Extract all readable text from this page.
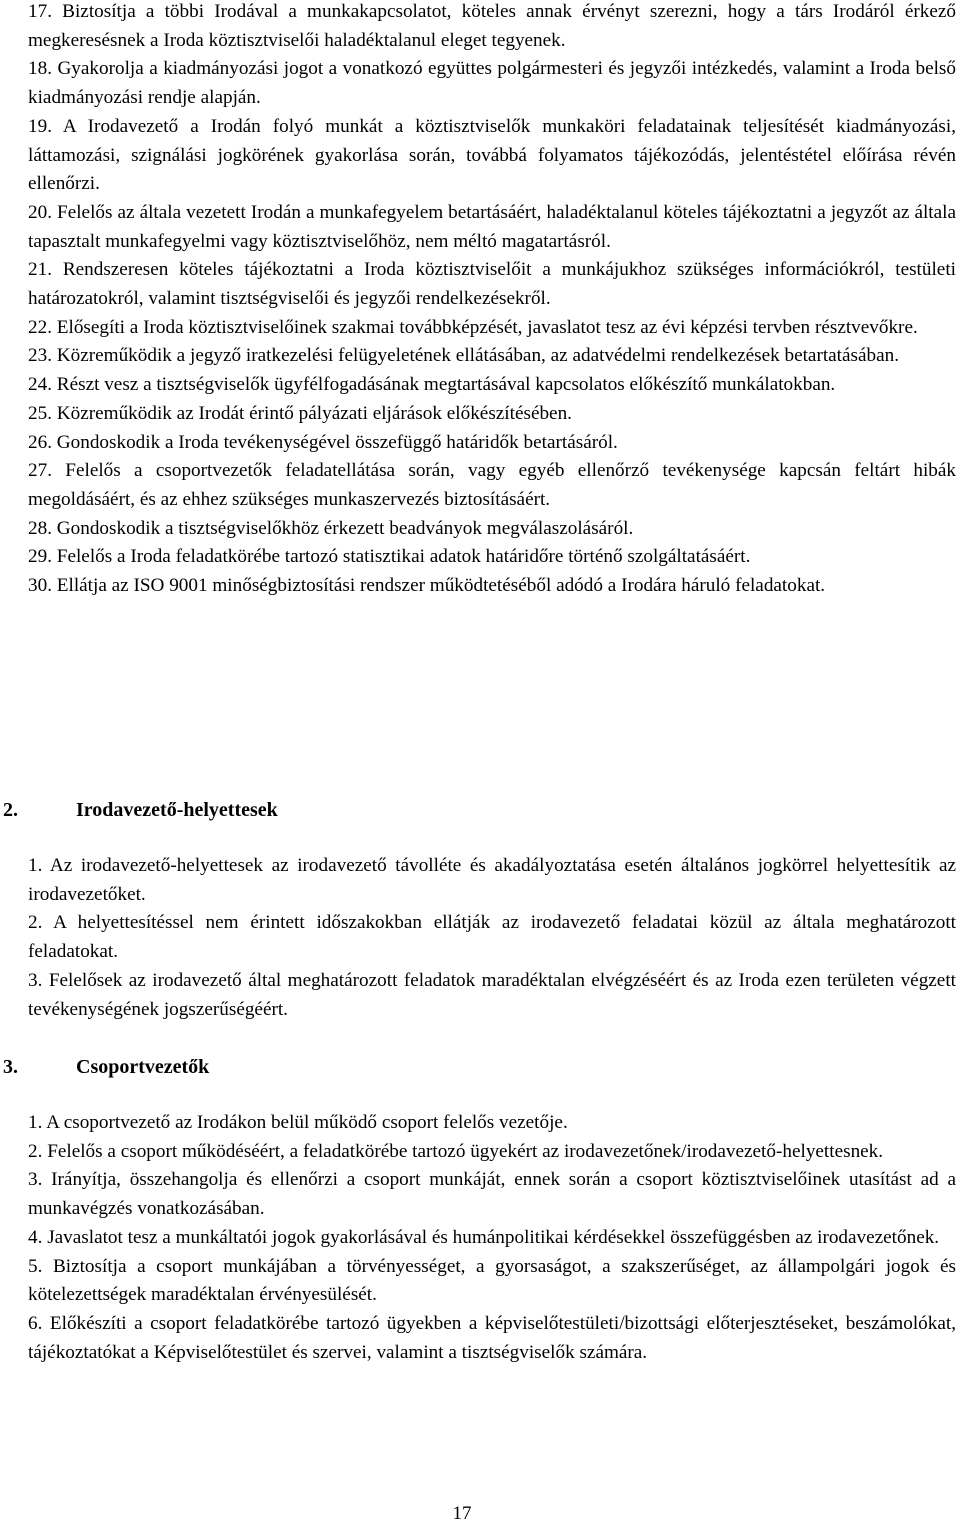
17. Biztosítja a többi Irodával a munkakapcsolatot, köteles annak érvényt szerezni, hogy a társ Irodáról érkező megkeresésnek a Iroda köztisztviselői haladéktalanul eleget tegyenek.

18. Gyakorolja a kiadmányozási jogot a vonatkozó együttes polgármesteri és jegyzői intézkedés, valamint a Iroda belső kiadmányozási rendje alapján.

19. A Irodavezető a Irodán folyó munkát a köztisztviselők munkaköri feladatainak teljesítését kiadmányozási, láttamozási, szignálási jogkörének gyakorlása során, továbbá folyamatos tájékozódás, jelentéstétel előírása révén ellenőrzi.

20. Felelős az általa vezetett Irodán a munkafegyelem betartásáért, haladéktalanul köteles tájékoztatni a jegyzőt az általa tapasztalt munkafegyelmi vagy köztisztviselőhöz, nem méltó magatartásról.

21. Rendszeresen köteles tájékoztatni a Iroda köztisztviselőit a munkájukhoz szükséges információkról, testületi határozatokról, valamint tisztségviselői és jegyzői rendelkezésekről.

22. Elősegíti a Iroda köztisztviselőinek szakmai továbbképzését, javaslatot tesz az évi képzési tervben résztvevőkre.

23. Közreműködik a jegyző iratkezelési felügyeletének ellátásában, az adatvédelmi rendelkezések betartatásában.

24. Részt vesz a tisztségviselők ügyfélfogadásának megtartásával kapcsolatos előkészítő munkálatokban.

25. Közreműködik az Irodát érintő pályázati eljárások előkészítésében.

26. Gondoskodik a Iroda tevékenységével összefüggő határidők betartásáról.

27. Felelős a csoportvezetők feladatellátása során, vagy egyéb ellenőrző tevékenysége kapcsán feltárt hibák megoldásáért, és az ehhez szükséges munkaszervezés biztosításáért.

28. Gondoskodik a tisztségviselőkhöz érkezett beadványok megválaszolásáról.

29. Felelős a Iroda feladatkörébe tartozó statisztikai adatok határidőre történő szolgáltatásáért.

30. Ellátja az ISO 9001 minőségbiztosítási rendszer működtetéséből adódó a Irodára háruló feladatokat.

2.	Irodavezető-helyettesek

1. Az irodavezető-helyettesek az irodavezető távolléte és akadályoztatása esetén általános jogkörrel helyettesítik az irodavezetőket.

2. A helyettesítéssel nem érintett időszakokban ellátják az irodavezető feladatai közül az általa meghatározott feladatokat.

3. Felelősek az irodavezető által meghatározott feladatok maradéktalan elvégzéséért és az Iroda ezen területen végzett tevékenységének jogszerűségéért.

3.	Csoportvezetők

1. A csoportvezető az Irodákon belül működő csoport felelős vezetője.

2. Felelős a csoport működéséért, a feladatkörébe tartozó ügyekért az irodavezetőnek/irodavezető-helyettesnek.

3. Irányítja, összehangolja és ellenőrzi a csoport munkáját, ennek során a csoport köztisztviselőinek utasítást ad a munkavégzés vonatkozásában.

4. Javaslatot tesz a munkáltatói jogok gyakorlásával és humánpolitikai kérdésekkel összefüggésben az irodavezetőnek.

5. Biztosítja a csoport munkájában a törvényességet, a gyorsaságot, a szakszerűséget, az állampolgári jogok és kötelezettségek maradéktalan érvényesülését.

6. Előkészíti a csoport feladatkörébe tartozó ügyekben a képviselőtestületi/bizottsági előterjesztéseket, beszámolókat, tájékoztatókat a Képviselőtestület és szervei, valamint a tisztségviselők számára.

17
